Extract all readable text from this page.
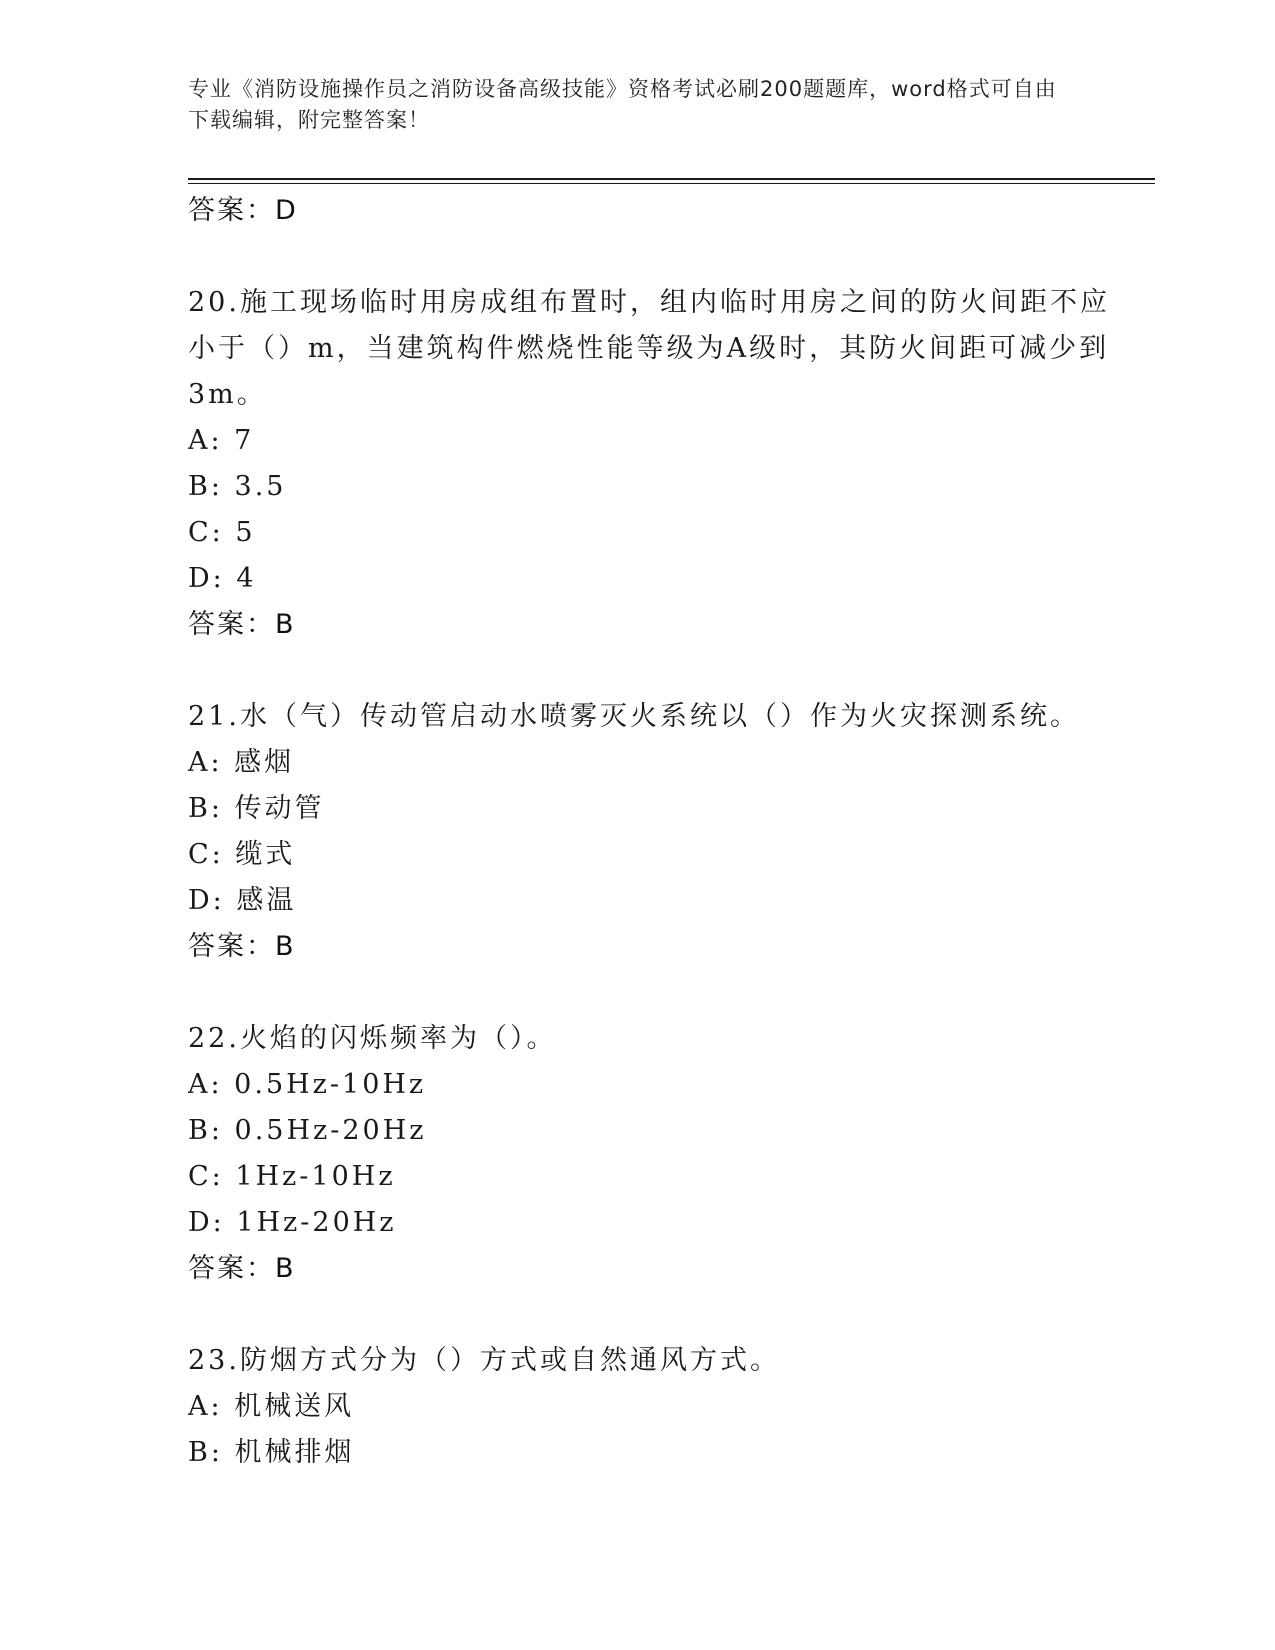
专业《消防设施操作员之消防设备高级技能》资格考试必刷200题题库，word格式可自由下载编辑，附完整答案！
答案：D
20.施工现场临时用房成组布置时，组内临时用房之间的防火间距不应
小于（）m，当建筑构件燃烧性能等级为A级时，其防火间距可减少到
3m。
A: 7
B: 3.5
C: 5
D: 4
答案：B
21.水（气）传动管启动水喷雾灭火系统以（）作为火灾探测系统。
A: 感烟
B: 传动管
C: 缆式
D: 感温
答案：B
22.火焰的闪烁频率为（）。
A: 0.5Hz-10Hz
B: 0.5Hz-20Hz
C: 1Hz-10Hz
D: 1Hz-20Hz
答案：B
23.防烟方式分为（）方式或自然通风方式。
A: 机械送风
B: 机械排烟
